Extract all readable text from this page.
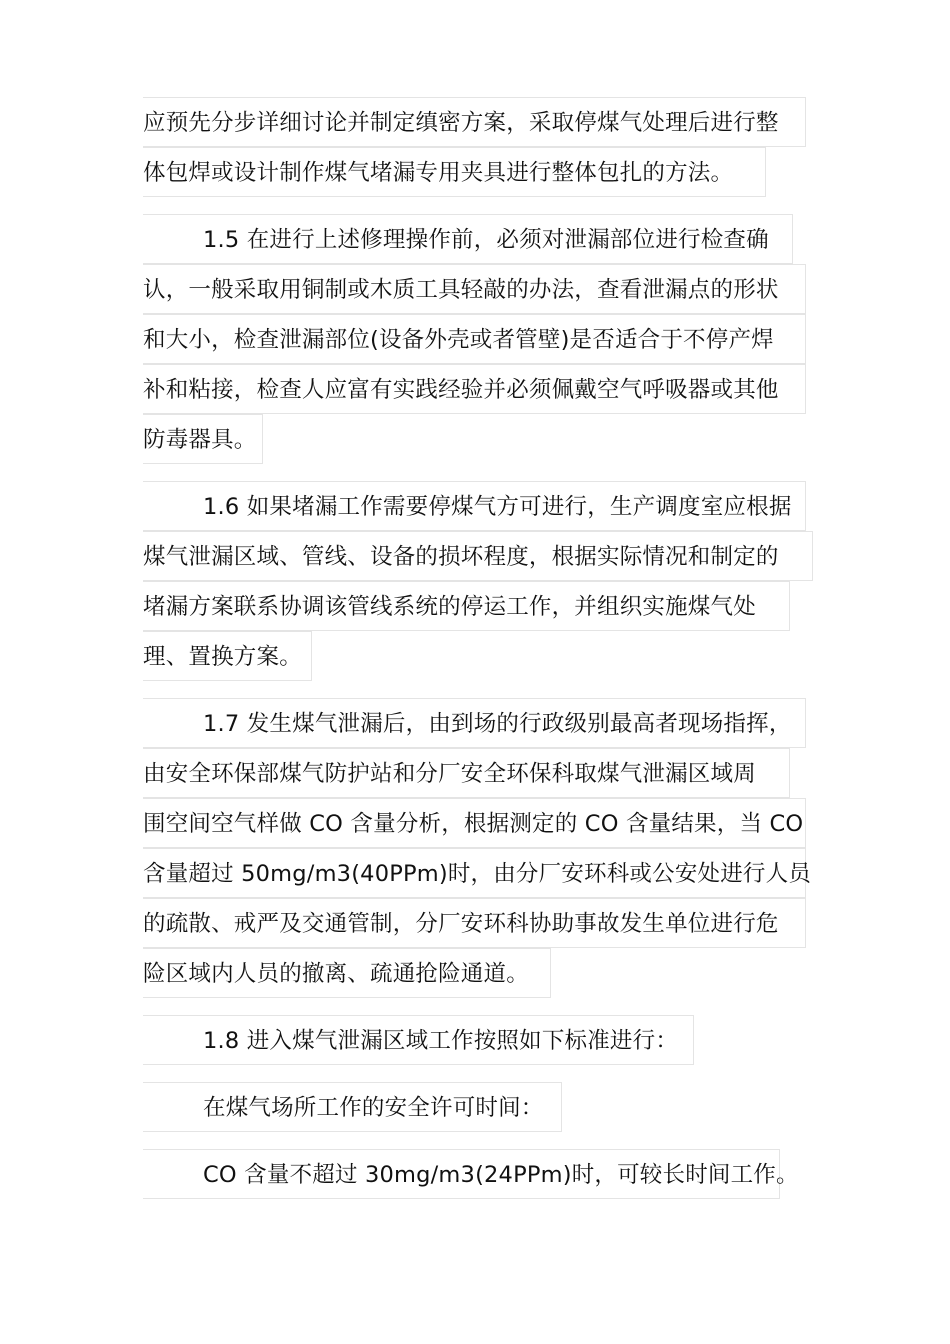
应预先分步详细讨论并制定缜密方案，采取停煤气处理后进行整
体包焊或设计制作煤气堵漏专用夹具进行整体包扎的方法。
1.5 在进行上述修理操作前，必须对泄漏部位进行检查确
认，一般采取用铜制或木质工具轻敲的办法，查看泄漏点的形状
和大小，检查泄漏部位(设备外壳或者管壁)是否适合于不停产焊
补和粘接，检查人应富有实践经验并必须佩戴空气呼吸器或其他
防毒器具。
1.6 如果堵漏工作需要停煤气方可进行，生产调度室应根据
煤气泄漏区域、管线、设备的损坏程度，根据实际情况和制定的
堵漏方案联系协调该管线系统的停运工作，并组织实施煤气处
理、置换方案。
1.7 发生煤气泄漏后，由到场的行政级别最高者现场指挥，
由安全环保部煤气防护站和分厂安全环保科取煤气泄漏区域周
围空间空气样做 CO 含量分析，根据测定的 CO 含量结果，当 CO
含量超过 50mg/m3(40PPm)时，由分厂安环科或公安处进行人员
的疏散、戒严及交通管制，分厂安环科协助事故发生单位进行危
险区域内人员的撤离、疏通抢险通道。
1.8 进入煤气泄漏区域工作按照如下标准进行：
在煤气场所工作的安全许可时间：
CO 含量不超过 30mg/m3(24PPm)时，可较长时间工作。
